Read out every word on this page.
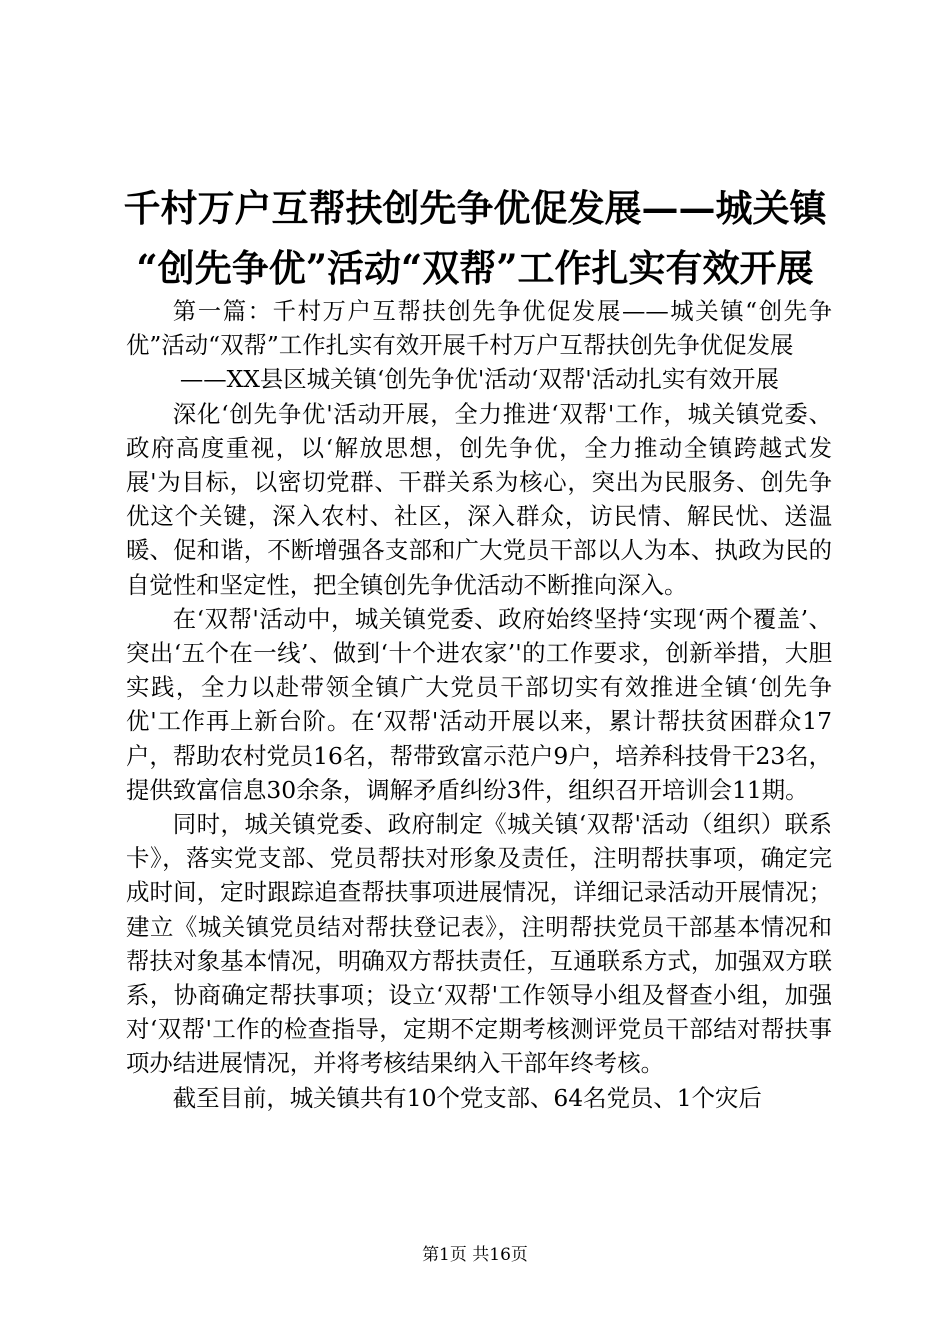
千村万户互帮扶创先争优促发展——城关镇
“创先争优”活动“双帮”工作扎实有效开展

第一篇：千村万户互帮扶创先争优促发展——城关镇“创先争优”活动“双帮”工作扎实有效开展千村万户互帮扶创先争优促发展

——XX县区城关镇‘创先争优'活动‘双帮'活动扎实有效开展

深化‘创先争优'活动开展，全力推进‘双帮'工作，城关镇党委、政府高度重视，以‘解放思想，创先争优，全力推动全镇跨越式发展'为目标，以密切党群、干群关系为核心，突出为民服务、创先争优这个关键，深入农村、社区，深入群众，访民情、解民忧、送温暖、促和谐，不断增强各支部和广大党员干部以人为本、执政为民的自觉性和坚定性，把全镇创先争优活动不断推向深入。

在‘双帮'活动中，城关镇党委、政府始终坚持‘实现‘两个覆盖’、突出‘五个在一线’、做到‘十个进农家’'的工作要求，创新举措，大胆实践，全力以赴带领全镇广大党员干部切实有效推进全镇‘创先争优'工作再上新台阶。在‘双帮'活动开展以来，累计帮扶贫困群众17户，帮助农村党员16名，帮带致富示范户9户，培养科技骨干23名，提供致富信息30余条，调解矛盾纠纷3件，组织召开培训会11期。

同时，城关镇党委、政府制定《城关镇‘双帮'活动（组织）联系卡》，落实党支部、党员帮扶对形象及责任，注明帮扶事项，确定完成时间，定时跟踪追查帮扶事项进展情况，详细记录活动开展情况；建立《城关镇党员结对帮扶登记表》，注明帮扶党员干部基本情况和帮扶对象基本情况，明确双方帮扶责任，互通联系方式，加强双方联系，协商确定帮扶事项；设立‘双帮'工作领导小组及督查小组，加强对‘双帮'工作的检查指导，定期不定期考核测评党员干部结对帮扶事项办结进展情况，并将考核结果纳入干部年终考核。

截至目前，城关镇共有10个党支部、64名党员、1个灾后

第1页 共16页
